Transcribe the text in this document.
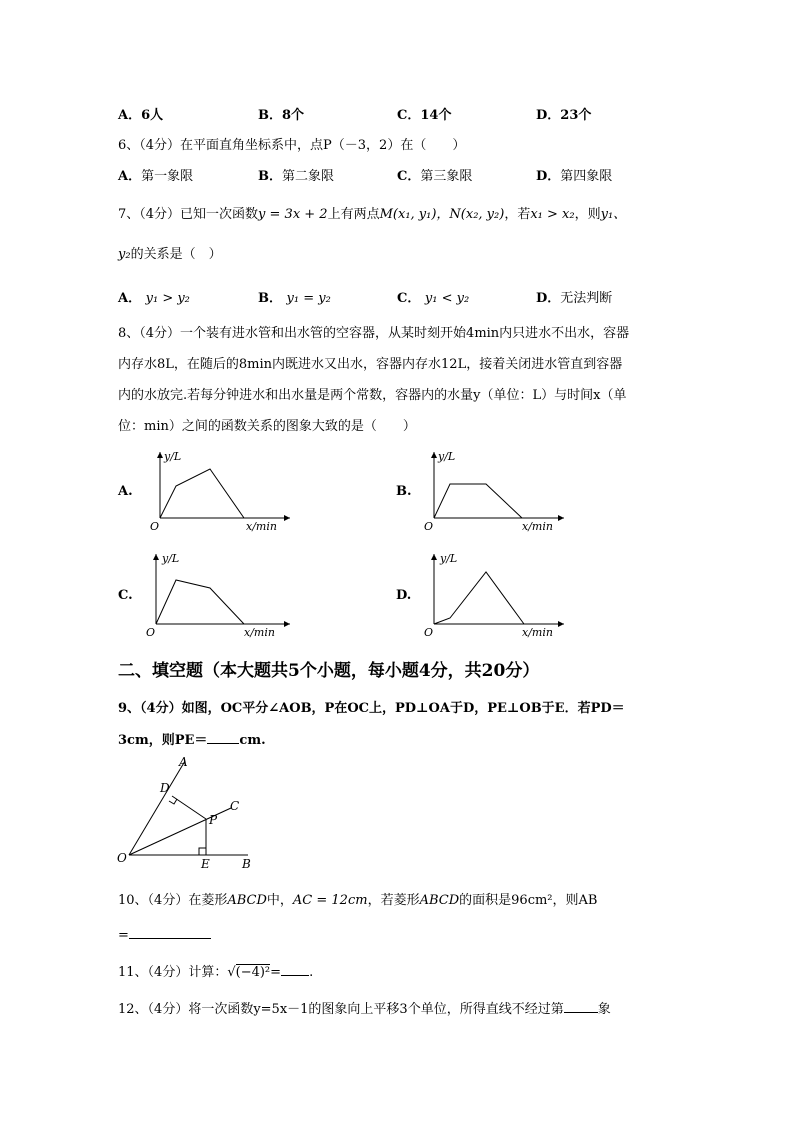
A．6人	B．8个	C．14个	D．23个
6、（4分）在平面直角坐标系中，点P（－3，2）在（　　）
A．第一象限	B．第二象限	C．第三象限	D．第四象限
7、（4分）已知一次函数y = 3x + 2上有两点M(x₁, y₁)，N(x₂, y₂)，若x₁ > x₂，则y₁、
y₂的关系是（　）
A． y₁ > y₂	B． y₁ = y₂	C． y₁ < y₂	D．无法判断
8、（4分）一个装有进水管和出水管的空容器，从某时刻开始4min内只进水不出水，容器
内存水8L，在随后的8min内既进水又出水，容器内存水12L，接着关闭进水管直到容器
内的水放完.若每分钟进水和出水量是两个常数，容器内的水量y（单位：L）与时间x（单
位：min）之间的函数关系的图象大致的是（　　）
A.	B.
C.	D.
y/L
x/min
O
y/L
x/min
O
y/L
x/min
O
y/L
x/min
O
二、填空题（本大题共5个小题，每小题4分，共20分）
9、（4分）如图，OC平分∠AOB，P在OC上，PD⊥OA于D，PE⊥OB于E．若PD＝
3cm，则PE＝ cm.
A
D
C
P
O	E	B
10、（4分）在菱形ABCD中，AC = 12cm，若菱形ABCD的面积是96cm²，则AB
=
11、（4分）计算：√(−4)²= .
12、（4分）将一次函数y=5x－1的图象向上平移3个单位，所得直线不经过第	象
